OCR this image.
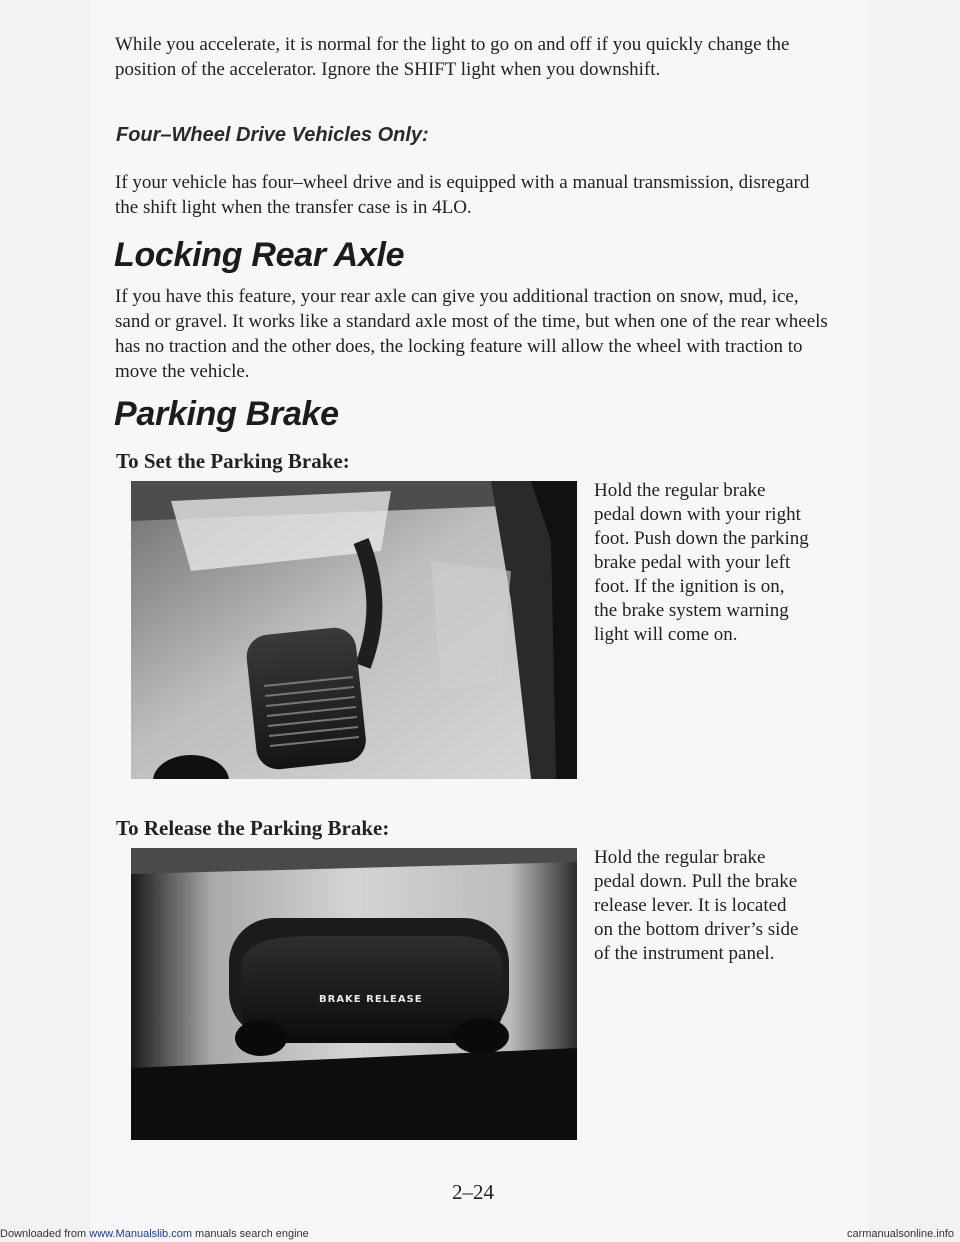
While you accelerate, it is normal for the light to go on and off if you quickly change the position of the accelerator. Ignore the SHIFT light when you downshift.

Four–Wheel Drive Vehicles Only:

If your vehicle has four–wheel drive and is equipped with a manual transmission, disregard the shift light when the transfer case is in 4LO.

Locking Rear Axle

If you have this feature, your rear axle can give you additional traction on snow, mud, ice, sand or gravel. It works like a standard axle most of the time, but when one of the rear wheels has no traction and the other does, the locking feature will allow the wheel with traction to move the vehicle.

Parking Brake
To Set the Parking Brake:
Hold the regular brake pedal down with your right foot. Push down the parking brake pedal with your left foot. If the ignition is on, the brake system warning light will come on.
To Release the Parking Brake:
BRAKE RELEASE
Hold the regular brake pedal down. Pull the brake release lever. It is located on the bottom driver’s side of the instrument panel.
2–24
Downloaded from www.Manualslib.com manuals search engine	carmanualsonline.info
